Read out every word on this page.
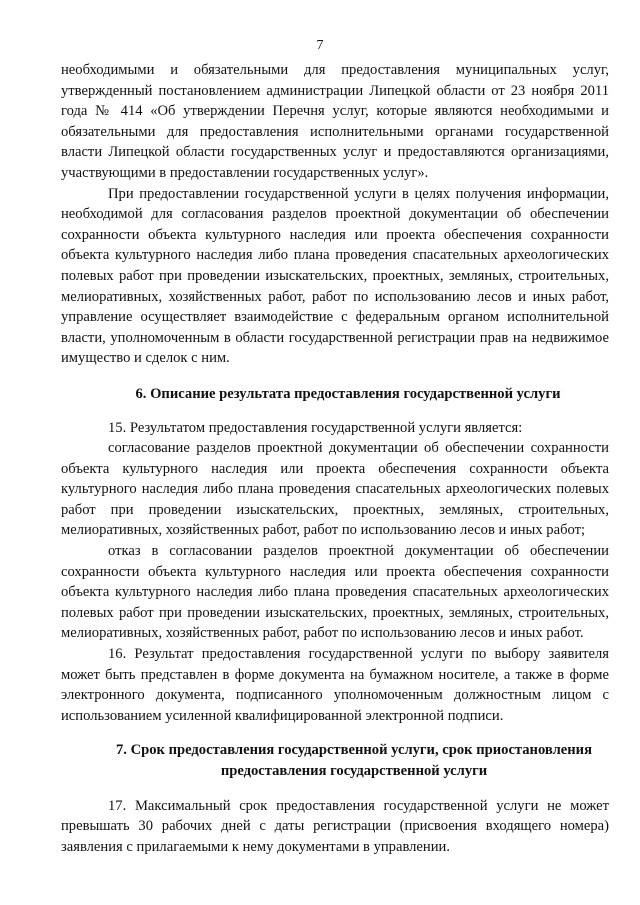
7

необходимыми и обязательными для предоставления муниципальных услуг, утвержденный постановлением администрации Липецкой области от 23 ноября 2011 года № 414 «Об утверждении Перечня услуг, которые являются необходимыми и обязательными для предоставления исполнительными органами государственной власти Липецкой области государственных услуг и предоставляются организациями, участвующими в предоставлении государственных услуг».

При предоставлении государственной услуги в целях получения информации, необходимой для согласования разделов проектной документации об обеспечении сохранности объекта культурного наследия или проекта обеспечения сохранности объекта культурного наследия либо плана проведения спасательных археологических полевых работ при проведении изыскательских, проектных, земляных, строительных, мелиоративных, хозяйственных работ, работ по использованию лесов и иных работ, управление осуществляет взаимодействие с федеральным органом исполнительной власти, уполномоченным в области государственной регистрации прав на недвижимое имущество и сделок с ним.

6. Описание результата предоставления государственной услуги

15. Результатом предоставления государственной услуги является:

согласование разделов проектной документации об обеспечении сохранности объекта культурного наследия или проекта обеспечения сохранности объекта культурного наследия либо плана проведения спасательных археологических полевых работ при проведении изыскательских, проектных, земляных, строительных, мелиоративных, хозяйственных работ, работ по использованию лесов и иных работ;

отказ в согласовании разделов проектной документации об обеспечении сохранности объекта культурного наследия или проекта обеспечения сохранности объекта культурного наследия либо плана проведения спасательных археологических полевых работ при проведении изыскательских, проектных, земляных, строительных, мелиоративных, хозяйственных работ, работ по использованию лесов и иных работ.

16. Результат предоставления государственной услуги по выбору заявителя может быть представлен в форме документа на бумажном носителе, а также в форме электронного документа, подписанного уполномоченным должностным лицом с использованием усиленной квалифицированной электронной подписи.

7. Срок предоставления государственной услуги, срок приостановления
предоставления государственной услуги

17. Максимальный срок предоставления государственной услуги не может превышать 30 рабочих дней с даты регистрации (присвоения входящего номера) заявления с прилагаемыми к нему документами в управлении.
